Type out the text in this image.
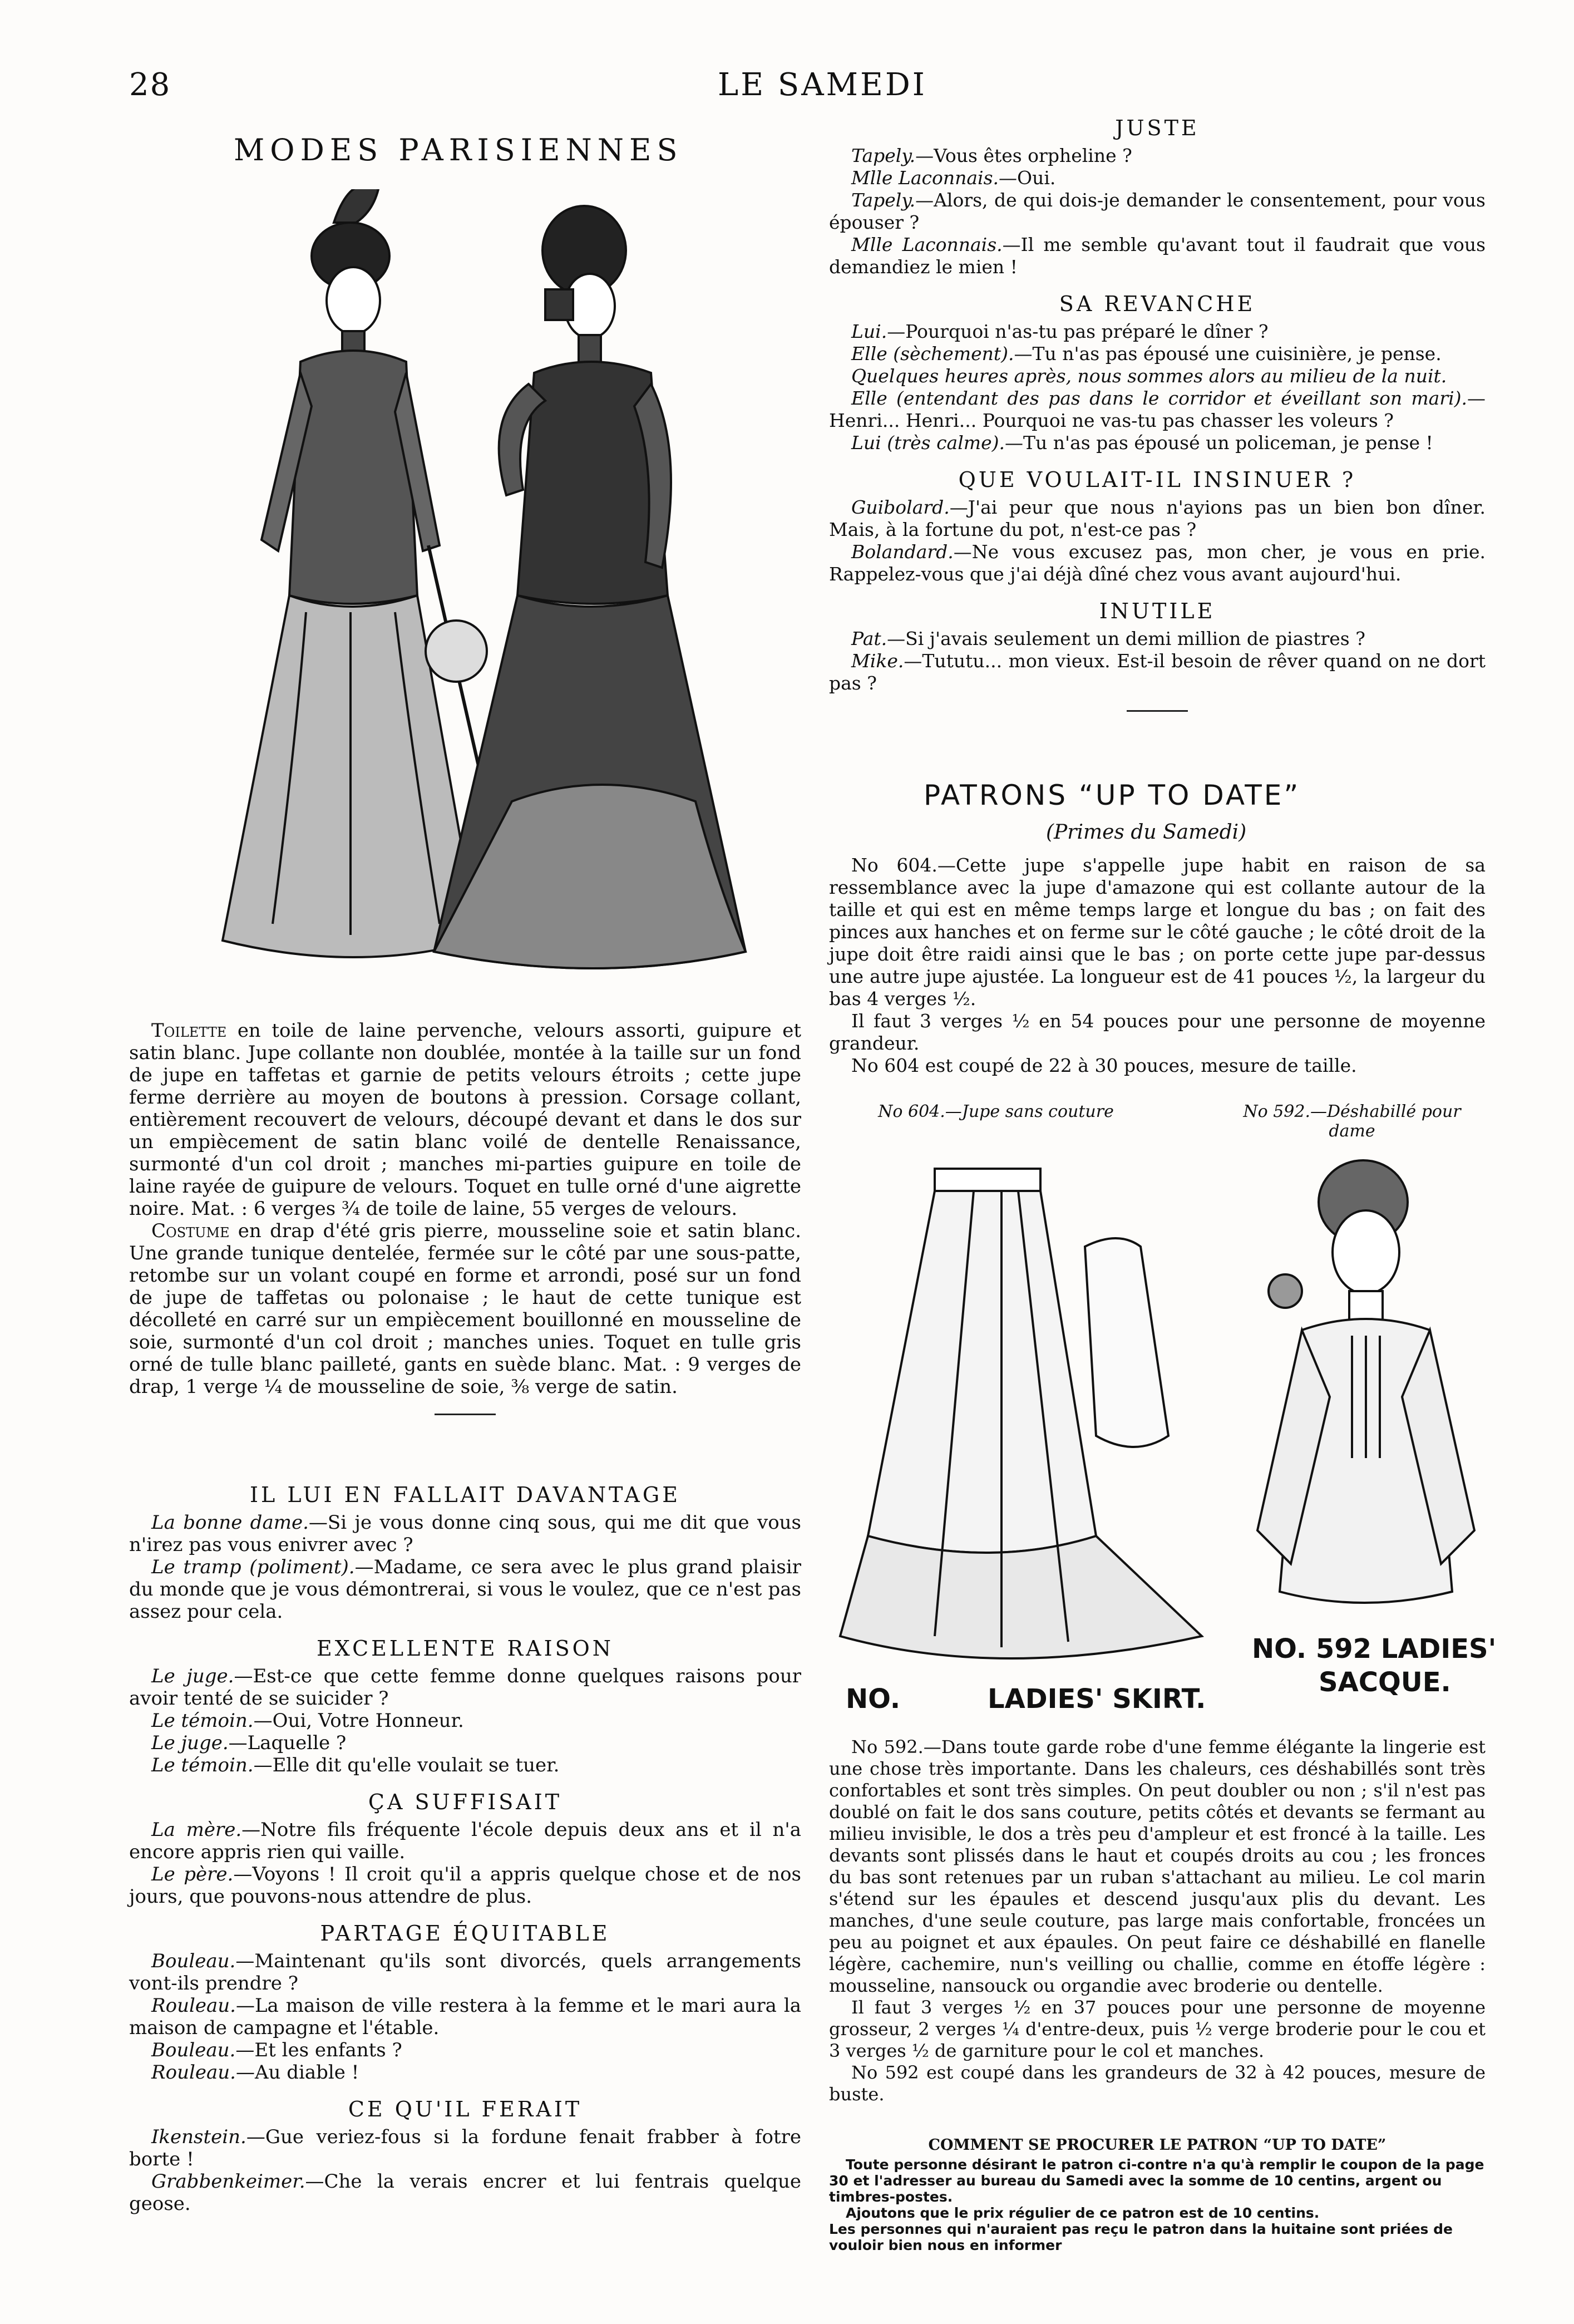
28	LE SAMEDI
MODES PARISIENNES

Toilette en toile de laine pervenche, velours assorti, guipure et satin blanc. Jupe collante non doublée, montée à la taille sur un fond de jupe en taffetas et garnie de petits velours étroits ; cette jupe ferme derrière au moyen de boutons à pression. Corsage collant, entièrement recouvert de velours, découpé devant et dans le dos sur un empiècement de satin blanc voilé de dentelle Renaissance, surmonté d'un col droit ; manches mi-parties guipure en toile de laine rayée de guipure de velours. Toquet en tulle orné d'une aigrette noire. Mat. : 6 verges ¾ de toile de laine, 55 verges de velours.

Costume en drap d'été gris pierre, mousseline soie et satin blanc. Une grande tunique dentelée, fermée sur le côté par une sous-patte, retombe sur un volant coupé en forme et arrondi, posé sur un fond de jupe de taffetas ou polonaise ; le haut de cette tunique est décolleté en carré sur un empiècement bouillonné en mousseline de soie, surmonté d'un col droit ; manches unies. Toquet en tulle gris orné de tulle blanc pailleté, gants en suède blanc. Mat. : 9 verges de drap, 1 verge ¼ de mousseline de soie, ⅜ verge de satin.

IL LUI EN FALLAIT DAVANTAGE

La bonne dame.—Si je vous donne cinq sous, qui me dit que vous n'irez pas vous enivrer avec ?

Le tramp (poliment).—Madame, ce sera avec le plus grand plaisir du monde que je vous démontrerai, si vous le voulez, que ce n'est pas assez pour cela.

EXCELLENTE RAISON

Le juge.—Est-ce que cette femme donne quelques raisons pour avoir tenté de se suicider ?

Le témoin.—Oui, Votre Honneur.

Le juge.—Laquelle ?

Le témoin.—Elle dit qu'elle voulait se tuer.

ÇA SUFFISAIT

La mère.—Notre fils fréquente l'école depuis deux ans et il n'a encore appris rien qui vaille.

Le père.—Voyons ! Il croit qu'il a appris quelque chose et de nos jours, que pouvons-nous attendre de plus.

PARTAGE ÉQUITABLE

Bouleau.—Maintenant qu'ils sont divorcés, quels arrangements vont-ils prendre ?

Rouleau.—La maison de ville restera à la femme et le mari aura la maison de campagne et l'étable.

Bouleau.—Et les enfants ?

Rouleau.—Au diable !

CE QU'IL FERAIT

Ikenstein.—Gue veriez-fous si la fordune fenait frabber à fotre borte !

Grabbenkeimer.—Che la verais encrer et lui fentrais quelque geose.

JUSTE

Tapely.—Vous êtes orpheline ?

Mlle Laconnais.—Oui.

Tapely.—Alors, de qui dois-je demander le consentement, pour vous épouser ?

Mlle Laconnais.—Il me semble qu'avant tout il faudrait que vous demandiez le mien !

SA REVANCHE

Lui.—Pourquoi n'as-tu pas préparé le dîner ?

Elle (sèchement).—Tu n'as pas épousé une cuisinière, je pense.

Quelques heures après, nous sommes alors au milieu de la nuit.

Elle (entendant des pas dans le corridor et éveillant son mari).—Henri... Henri... Pourquoi ne vas-tu pas chasser les voleurs ?

Lui (très calme).—Tu n'as pas épousé un policeman, je pense !

QUE VOULAIT-IL INSINUER ?

Guibolard.—J'ai peur que nous n'ayions pas un bien bon dîner. Mais, à la fortune du pot, n'est-ce pas ?

Bolandard.—Ne vous excusez pas, mon cher, je vous en prie. Rappelez-vous que j'ai déjà dîné chez vous avant aujourd'hui.

INUTILE

Pat.—Si j'avais seulement un demi million de piastres ?

Mike.—Tututu... mon vieux. Est-il besoin de rêver quand on ne dort pas ?

PATRONS “UP TO DATE”
(Primes du Samedi)

No 604.—Cette jupe s'appelle jupe habit en raison de sa ressemblance avec la jupe d'amazone qui est collante autour de la taille et qui est en même temps large et longue du bas ; on fait des pinces aux hanches et on ferme sur le côté gauche ; le côté droit de la jupe doit être raidi ainsi que le bas ; on porte cette jupe par-dessus une autre jupe ajustée. La longueur est de 41 pouces ½, la largeur du bas 4 verges ½.

Il faut 3 verges ½ en 54 pouces pour une personne de moyenne grandeur.

No 604 est coupé de 22 à 30 pouces, mesure de taille.

No 604.—Jupe sans couture	No 592.—Déshabillé pour dame
NO.	LADIES' SKIRT.
NO. 592 LADIES'
SACQUE.

No 592.—Dans toute garde robe d'une femme élégante la lingerie est une chose très importante. Dans les chaleurs, ces déshabillés sont très confortables et sont très simples. On peut doubler ou non ; s'il n'est pas doublé on fait le dos sans couture, petits côtés et devants se fermant au milieu invisible, le dos a très peu d'ampleur et est froncé à la taille. Les devants sont plissés dans le haut et coupés droits au cou ; les fronces du bas sont retenues par un ruban s'attachant au milieu. Le col marin s'étend sur les épaules et descend jusqu'aux plis du devant. Les manches, d'une seule couture, pas large mais confortable, froncées un peu au poignet et aux épaules. On peut faire ce déshabillé en flanelle légère, cachemire, nun's veilling ou challie, comme en étoffe légère : mousseline, nansouck ou organdie avec broderie ou dentelle.

Il faut 3 verges ½ en 37 pouces pour une personne de moyenne grosseur, 2 verges ¼ d'entre-deux, puis ½ verge broderie pour le cou et 3 verges ½ de garniture pour le col et manches.

No 592 est coupé dans les grandeurs de 32 à 42 pouces, mesure de buste.

COMMENT SE PROCURER LE PATRON “UP TO DATE”
Toute personne désirant le patron ci-contre n'a qu'à remplir le coupon de la page 30 et l'adresser au bureau du Samedi avec la somme de 10 centins, argent ou timbres-postes.
Ajoutons que le prix régulier de ce patron est de 10 centins.
Les personnes qui n'auraient pas reçu le patron dans la huitaine sont priées de vouloir bien nous en informer
